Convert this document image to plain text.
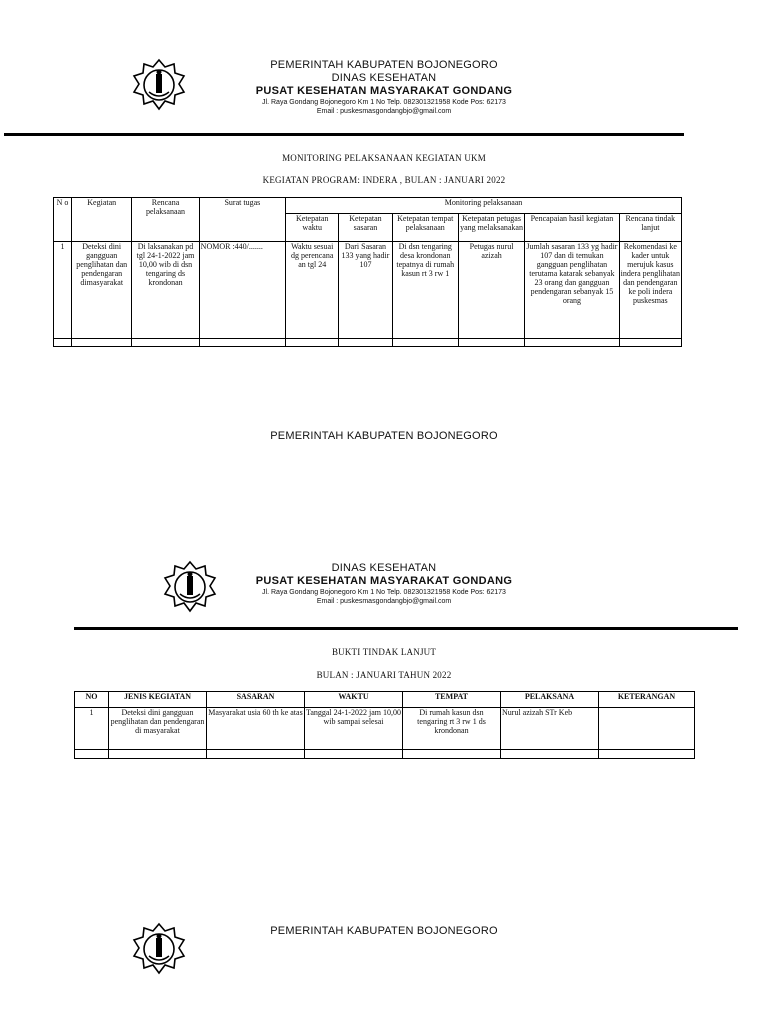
PEMERINTAH KABUPATEN BOJONEGORO
DINAS KESEHATAN
PUSAT KESEHATAN MASYARAKAT GONDANG
Jl. Raya Gondang Bojonegoro Km 1 No Telp. 082301321958 Kode Pos: 62173
Email : puskesmasgondangbjo@gmail.com
MONITORING PELAKSANAAN KEGIATAN UKM
KEGIATAN PROGRAM: INDERA , BULAN : JANUARI 2022
N o	Kegiatan	Rencana pelaksanaan	Surat tugas	Monitoring pelaksanaan					
				Ketepatan waktu	Ketepatan sasaran	Ketepatan tempat pelaksanaan	Ketepatan petugas yang melaksanakan	Pencapaian hasil kegiatan	Rencana tindak lanjut
1	Deteksi dini gangguan penglihatan dan pendengaran dimasyarakat	Di laksanakan pd tgl 24-1-2022 jam 10,00 wib di dsn tengaring ds krondonan	NOMOR :440/.......	Waktu sesuai dg perencana an tgl 24	Dari Sasaran 133 yang hadir 107	Di dsn tengaring desa krondonan tepatnya di rumah kasun rt 3 rw 1	Petugas nurul azizah	Jumlah sasaran 133 yg hadir 107 dan di temukan gangguan penglihatan terutama katarak sebanyak 23 orang dan gangguan pendengaran sebanyak 15 orang	Rekomendasi ke kader untuk merujuk kasus indera penglihatan dan pendengaran ke poli indera puskesmas

PEMERINTAH KABUPATEN BOJONEGORO
DINAS KESEHATAN
PUSAT KESEHATAN MASYARAKAT GONDANG
Jl. Raya Gondang Bojonegoro Km 1 No Telp. 082301321958 Kode Pos: 62173
Email : puskesmasgondangbjo@gmail.com
BUKTI TINDAK LANJUT
BULAN : JANUARI TAHUN 2022
NO	JENIS KEGIATAN	SASARAN	WAKTU	TEMPAT	PELAKSANA	KETERANGAN
1	Deteksi dini gangguan penglihatan dan pendengaran di masyarakat	Masyarakat usia 60 th ke atas	Tanggal 24-1-2022 jam 10,00 wib sampai selesai	Di rumah kasun dsn tengaring rt 3 rw 1 ds krondonan	Nurul azizah STr Keb	

PEMERINTAH KABUPATEN BOJONEGORO
